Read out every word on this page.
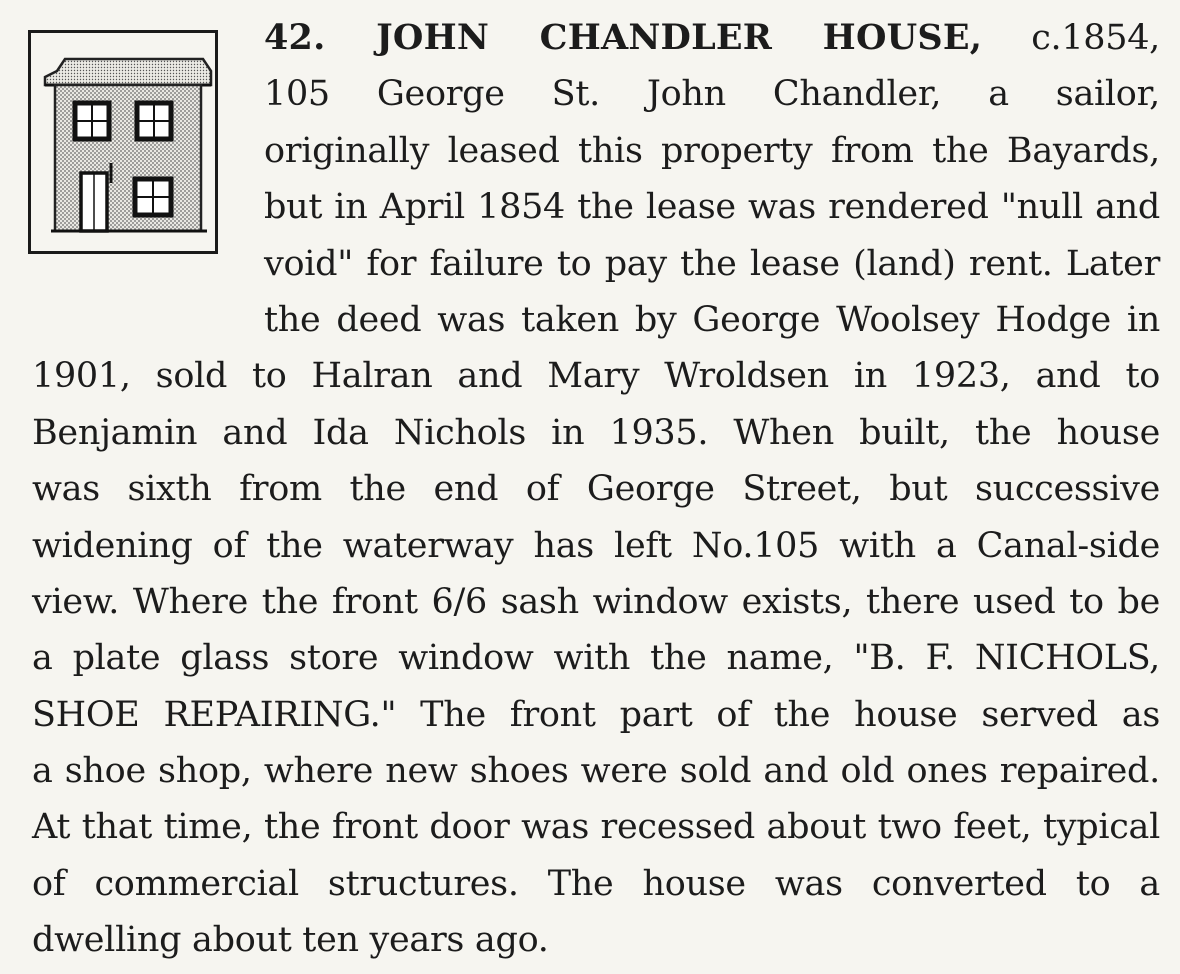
42. JOHN CHANDLER HOUSE, c.1854,
105 George St. John Chandler, a sailor,
originally leased this property from the Bayards,
but in April 1854 the lease was rendered "null and
void" for failure to pay the lease (land) rent. Later
the deed was taken by George Woolsey Hodge in
1901, sold to Halran and Mary Wroldsen in 1923, and to
Benjamin and Ida Nichols in 1935. When built, the house
was sixth from the end of George Street, but successive
widening of the waterway has left No.105 with a Canal-side
view. Where the front 6/6 sash window exists, there used to be
a plate glass store window with the name, "B. F. NICHOLS,
SHOE REPAIRING." The front part of the house served as
a shoe shop, where new shoes were sold and old ones repaired.
At that time, the front door was recessed about two feet, typical
of commercial structures. The house was converted to a
dwelling about ten years ago.
